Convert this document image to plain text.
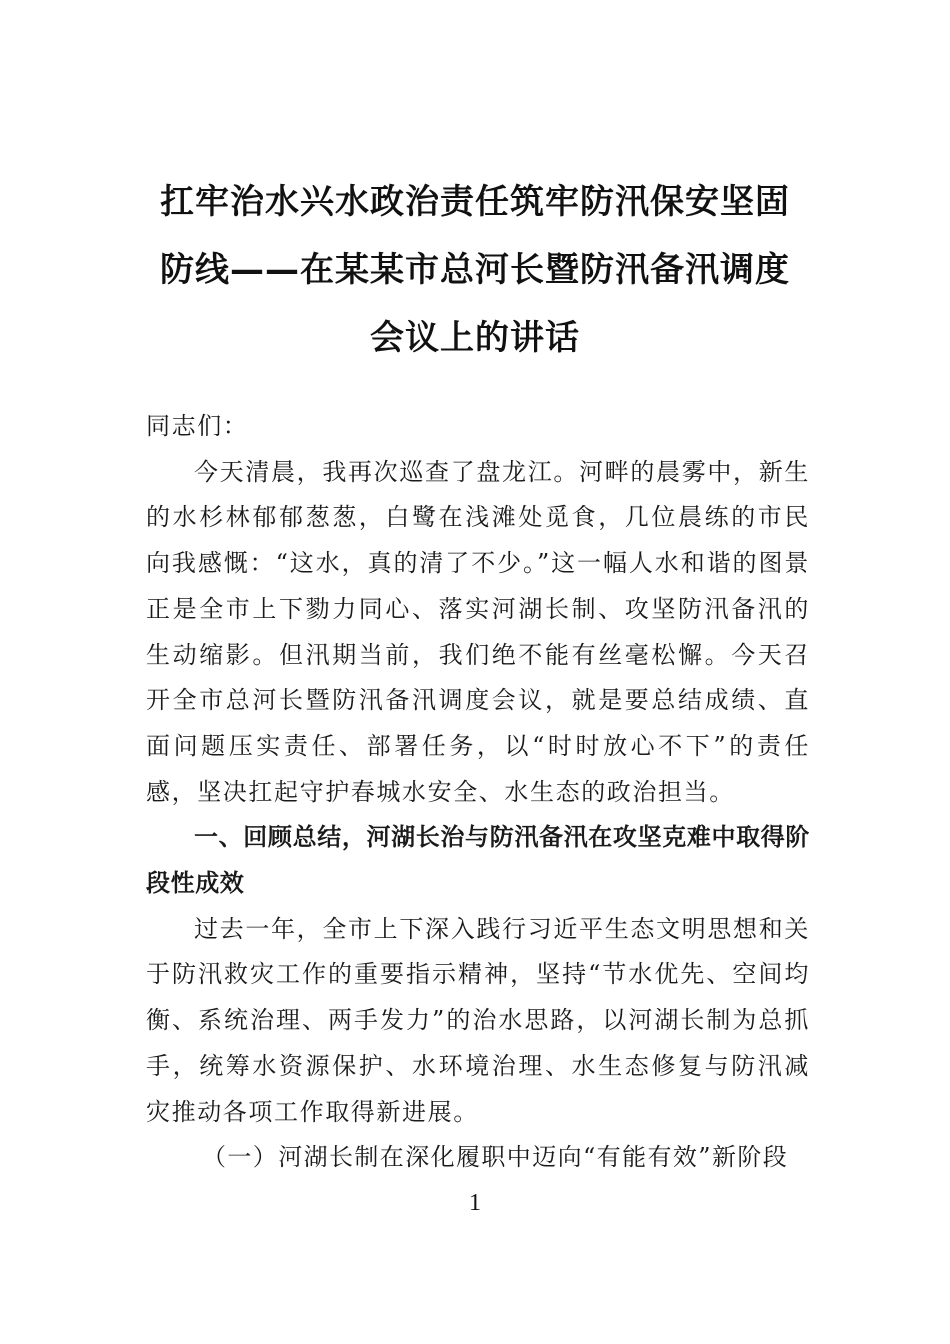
扛牢治水兴水政治责任筑牢防汛保安坚固
防线——在某某市总河长暨防汛备汛调度
会议上的讲话

同志们：

今天清晨，我再次巡查了盘龙江。河畔的晨雾中，新生的水杉林郁郁葱葱，白鹭在浅滩处觅食，几位晨练的市民向我感慨：“这水，真的清了不少。”这一幅人水和谐的图景正是全市上下勠力同心、落实河湖长制、攻坚防汛备汛的生动缩影。但汛期当前，我们绝不能有丝毫松懈。今天召开全市总河长暨防汛备汛调度会议，就是要总结成绩、直面问题压实责任、部署任务，以“时时放心不下”的责任感，坚决扛起守护春城水安全、水生态的政治担当。

一、回顾总结，河湖长治与防汛备汛在攻坚克难中取得阶段性成效

过去一年，全市上下深入践行习近平生态文明思想和关于防汛救灾工作的重要指示精神，坚持“节水优先、空间均衡、系统治理、两手发力”的治水思路，以河湖长制为总抓手，统筹水资源保护、水环境治理、水生态修复与防汛减灾推动各项工作取得新进展。

（一）河湖长制在深化履职中迈向“有能有效”新阶段

1
